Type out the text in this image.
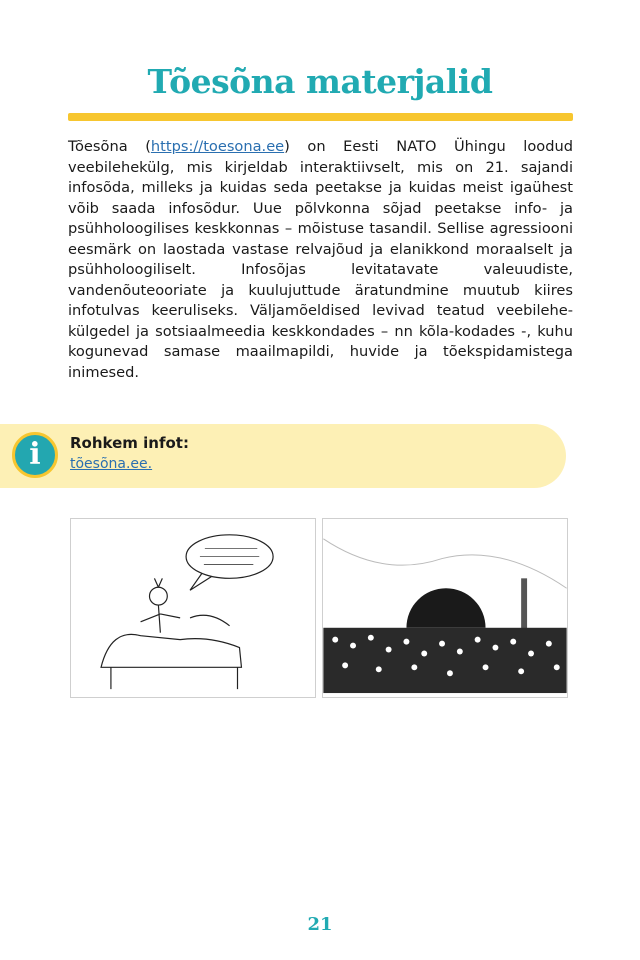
Tõesõna materjalid

Tõesõna (https://toesona.ee) on Eesti NATO Ühingu loodud veebilehekülg, mis kirjeldab interaktiivselt, mis on 21. sajandi infosõda, milleks ja kuidas seda peetakse ja kuidas meist igaühest võib saada infosõdur. Uue põlvkonna sõjad peetakse info- ja psühholoogilises keskkonnas – mõistuse tasandil. Sellise agressiooni eesmärk on laostada vastase relvajõud ja elanikkond moraalselt ja psühholoogiliselt. Infosõjas levitatavate valeuudiste, vandenõuteooriate ja kuulujuttude äratundmine muutub kiires infotulvas keeruliseks. Väljamõeldised levivad teatud veebilehe-külgedel ja sotsiaalmeedia keskkondades – nn kõla-kodades -, kuhu kogunevad samase maailmapildi, huvide ja tõekspidamistega inimesed.

i	Rohkem infot:
tõesõna.ee.
21
